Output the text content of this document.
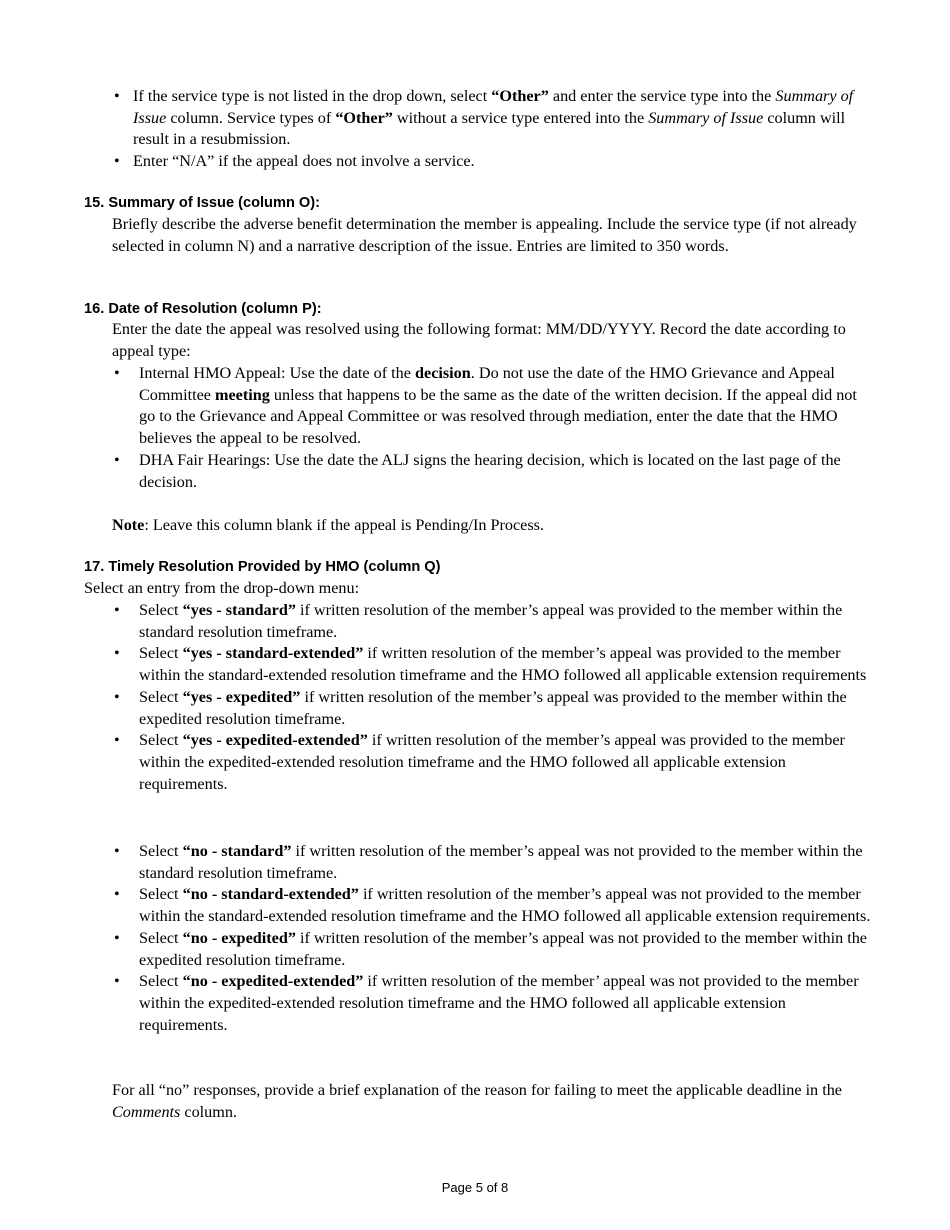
• If the service type is not listed in the drop down, select “Other” and enter the service type into the Summary of Issue column. Service types of “Other” without a service type entered into the Summary of Issue column will result in a resubmission.
• Enter “N/A” if the appeal does not involve a service.
15. Summary of Issue (column O):
Briefly describe the adverse benefit determination the member is appealing. Include the service type (if not already selected in column N) and a narrative description of the issue. Entries are limited to 350 words.
16. Date of Resolution (column P):
Enter the date the appeal was resolved using the following format: MM/DD/YYYY. Record the date according to appeal type:
• Internal HMO Appeal: Use the date of the decision. Do not use the date of the HMO Grievance and Appeal Committee meeting unless that happens to be the same as the date of the written decision. If the appeal did not go to the Grievance and Appeal Committee or was resolved through mediation, enter the date that the HMO believes the appeal to be resolved.
• DHA Fair Hearings: Use the date the ALJ signs the hearing decision, which is located on the last page of the decision.
Note: Leave this column blank if the appeal is Pending/In Process.
17. Timely Resolution Provided by HMO (column Q)
Select an entry from the drop-down menu:
• Select “yes - standard” if written resolution of the member’s appeal was provided to the member within the standard resolution timeframe.
• Select “yes - standard-extended” if written resolution of the member’s appeal was provided to the member within the standard-extended resolution timeframe and the HMO followed all applicable extension requirements
• Select “yes - expedited” if written resolution of the member’s appeal was provided to the member within the expedited resolution timeframe.
• Select “yes - expedited-extended” if written resolution of the member’s appeal was provided to the member within the expedited-extended resolution timeframe and the HMO followed all applicable extension requirements.
• Select “no - standard” if written resolution of the member’s appeal was not provided to the member within the standard resolution timeframe.
• Select “no - standard-extended” if written resolution of the member’s appeal was not provided to the member within the standard-extended resolution timeframe and the HMO followed all applicable extension requirements.
• Select “no - expedited” if written resolution of the member’s appeal was not provided to the member within the expedited resolution timeframe.
• Select “no - expedited-extended” if written resolution of the member’ appeal was not provided to the member within the expedited-extended resolution timeframe and the HMO followed all applicable extension requirements.
For all “no” responses, provide a brief explanation of the reason for failing to meet the applicable deadline in the Comments column.
Page 5 of 8
